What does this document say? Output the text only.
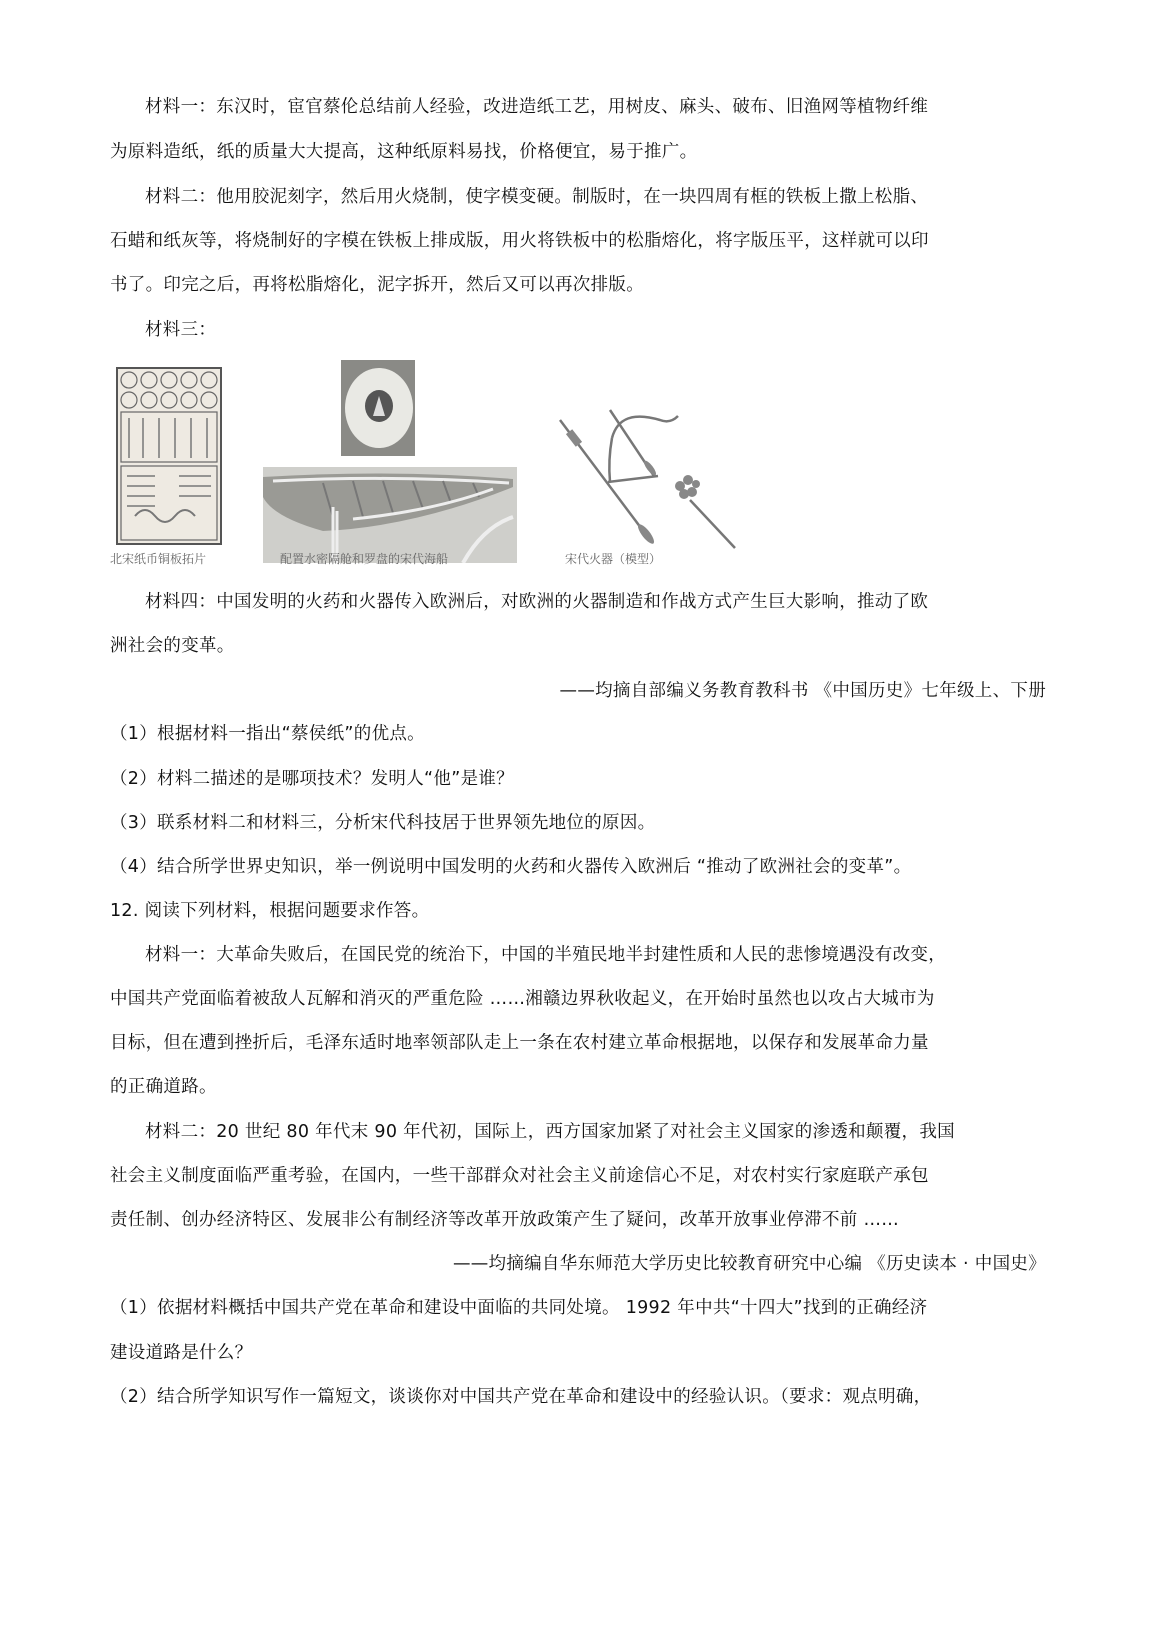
材料一：东汉时，宦官蔡伦总结前人经验，改进造纸工艺，用树皮、麻头、破布、旧渔网等植物纤维
为原料造纸，纸的质量大大提高，这种纸原料易找，价格便宜，易于推广。
材料二：他用胶泥刻字，然后用火烧制，使字模变硬。制版时，在一块四周有框的铁板上撒上松脂、
石蜡和纸灰等，将烧制好的字模在铁板上排成版，用火将铁板中的松脂熔化，将字版压平，这样就可以印
书了。印完之后，再将松脂熔化，泥字拆开，然后又可以再次排版。
材料三：
北宋纸币铜板拓片	配置水密隔舱和罗盘的宋代海船	宋代火器（模型）
材料四：中国发明的火药和火器传入欧洲后，对欧洲的火器制造和作战方式产生巨大影响，推动了欧
洲社会的变革。
——均摘自部编义务教育教科书 《中国历史》七年级上、下册
（1）根据材料一指出“蔡侯纸”的优点。
（2）材料二描述的是哪项技术？发明人“他”是谁？
（3）联系材料二和材料三，分析宋代科技居于世界领先地位的原因。
（4）结合所学世界史知识，举一例说明中国发明的火药和火器传入欧洲后 “推动了欧洲社会的变革”。
12. 阅读下列材料，根据问题要求作答。
材料一：大革命失败后，在国民党的统治下，中国的半殖民地半封建性质和人民的悲惨境遇没有改变，
中国共产党面临着被敌人瓦解和消灭的严重危险 ……湘赣边界秋收起义，在开始时虽然也以攻占大城市为
目标，但在遭到挫折后，毛泽东适时地率领部队走上一条在农村建立革命根据地，以保存和发展革命力量
的正确道路。
材料二：20 世纪 80 年代末 90 年代初，国际上，西方国家加紧了对社会主义国家的渗透和颠覆，我国
社会主义制度面临严重考验，在国内，一些干部群众对社会主义前途信心不足，对农村实行家庭联产承包
责任制、创办经济特区、发展非公有制经济等改革开放政策产生了疑问，改革开放事业停滞不前 ……
——均摘编自华东师范大学历史比较教育研究中心编 《历史读本 · 中国史》
（1）依据材料概括中国共产党在革命和建设中面临的共同处境。 1992 年中共“十四大”找到的正确经济
建设道路是什么？
（2）结合所学知识写作一篇短文，谈谈你对中国共产党在革命和建设中的经验认识。（要求：观点明确，
